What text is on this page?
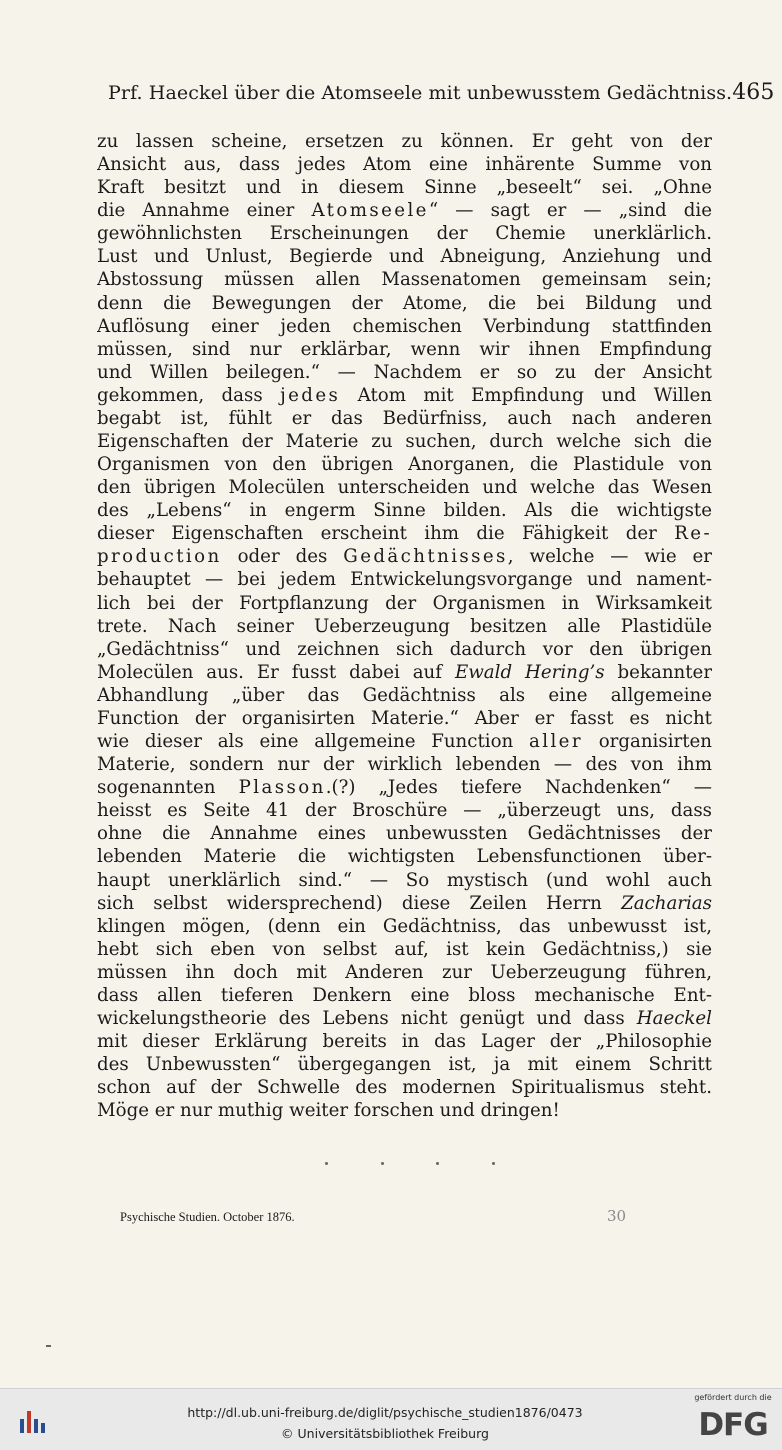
Prf. Haeckel über die Atomseele mit unbewusstem Gedächtniss. 465
zu lassen scheine, ersetzen zu können. Er geht von der
Ansicht aus, dass jedes Atom eine inhärente Summe von
Kraft besitzt und in diesem Sinne „beseelt“ sei. „Ohne
die Annahme einer Atomseele“ — sagt er — „sind die
gewöhnlichsten Erscheinungen der Chemie unerklärlich.
Lust und Unlust, Begierde und Abneigung, Anziehung und
Abstossung müssen allen Massenatomen gemeinsam sein;
denn die Bewegungen der Atome, die bei Bildung und
Auflösung einer jeden chemischen Verbindung stattfinden
müssen, sind nur erklärbar, wenn wir ihnen Empfindung
und Willen beilegen.“ — Nachdem er so zu der Ansicht
gekommen, dass jedes Atom mit Empfindung und Willen
begabt ist, fühlt er das Bedürfniss, auch nach anderen
Eigenschaften der Materie zu suchen, durch welche sich die
Organismen von den übrigen Anorganen, die Plastidule von
den übrigen Molecülen unterscheiden und welche das Wesen
des „Lebens“ in engerm Sinne bilden. Als die wichtigste
dieser Eigenschaften erscheint ihm die Fähigkeit der Re-
production oder des Gedächtnisses, welche — wie er
behauptet — bei jedem Entwickelungsvorgange und nament-
lich bei der Fortpflanzung der Organismen in Wirksamkeit
trete. Nach seiner Ueberzeugung besitzen alle Plastidüle
„Gedächtniss“ und zeichnen sich dadurch vor den übrigen
Molecülen aus. Er fusst dabei auf Ewald Hering’s bekannter
Abhandlung „über das Gedächtniss als eine allgemeine
Function der organisirten Materie.“ Aber er fasst es nicht
wie dieser als eine allgemeine Function aller organisirten
Materie, sondern nur der wirklich lebenden — des von ihm
sogenannten Plasson.(?) „Jedes tiefere Nachdenken“ —
heisst es Seite 41 der Broschüre — „überzeugt uns, dass
ohne die Annahme eines unbewussten Gedächtnisses der
lebenden Materie die wichtigsten Lebensfunctionen über-
haupt unerklärlich sind.“ — So mystisch (und wohl auch
sich selbst widersprechend) diese Zeilen Herrn Zacharias
klingen mögen, (denn ein Gedächtniss, das unbewusst ist,
hebt sich eben von selbst auf, ist kein Gedächtniss,) sie
müssen ihn doch mit Anderen zur Ueberzeugung führen,
dass allen tieferen Denkern eine bloss mechanische Ent-
wickelungstheorie des Lebens nicht genügt und dass Haeckel
mit dieser Erklärung bereits in das Lager der „Philosophie
des Unbewussten“ übergegangen ist, ja mit einem Schritt
schon auf der Schwelle des modernen Spiritualismus steht.
Möge er nur muthig weiter forschen und dringen!
Psychische Studien. October 1876.	30
http://dl.ub.uni-freiburg.de/diglit/psychische_studien1876/0473
© Universitätsbibliothek Freiburg
gefördert durch die
DFG
